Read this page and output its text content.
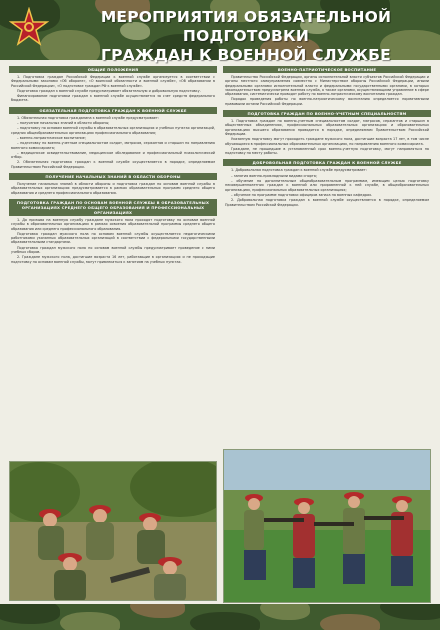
МЕРОПРИЯТИЯ ОБЯЗАТЕЛЬНОЙ ПОДГОТОВКИ
ГРАЖДАН К ВОЕННОЙ СЛУЖБЕ
ОБЩИЕ ПОЛОЖЕНИЯ

1. Подготовка граждан Российской Федерации к военной службе организуется в соответствии с Федеральными законами «Об обороне», «О воинской обязанности и военной службе», «Об образовании в Российской Федерации», «О подготовке граждан РФ к военной службе».

Подготовка граждан к военной службе предусматривает обязательную и добровольную подготовку.

Финансирование подготовки граждан к военной службе осуществляется за счет средств федерального бюджета.

ОБЯЗАТЕЛЬНАЯ ПОДГОТОВКА ГРАЖДАН К ВОЕННОЙ СЛУЖБЕ

1. Обязательная подготовка гражданина к военной службе предусматривает:

– получение начальных знаний в области обороны;

– подготовку по основам военной службы в образовательных организациях и учебных пунктах организаций, средних общеобразовательных организациях профессионального образования;

– военно-патриотическое воспитание;

– подготовку по военно-учетным специальностям солдат, матросов, сержантов и старшин по направлению военного комиссариата;

– медицинское освидетельствование, медицинское обследование и профессиональный психологический отбор.

2. Обязательная подготовка граждан к военной службе осуществляется в порядке, определяемом Правительством Российской Федерации.

ПОЛУЧЕНИЕ НАЧАЛЬНЫХ ЗНАНИЙ В ОБЛАСТИ ОБОРОНЫ

Получение начальных знаний в области обороны и подготовка граждан по основам военной службы в образовательных организациях предусматривается в рамках образовательных программ среднего общего образования и среднего профессионального образования.

ПОДГОТОВКА ГРАЖДАН ПО ОСНОВАМ ВОЕННОЙ СЛУЖБЫ В ОБРАЗОВАТЕЛЬНЫХ ОРГАНИЗАЦИЯХ СРЕДНЕГО ОБЩЕГО ОБРАЗОВАНИЯ И ПРОФЕССИОНАЛЬНЫХ ОРГАНИЗАЦИЯХ

1. До призыва на военную службу граждане мужского пола проходят подготовку по основам военной службы в образовательных организациях в рамках освоения образовательной программы среднего общего образования или среднего профессионального образования.

Подготовка граждан мужского пола по основам военной службы осуществляется педагогическими работниками указанных образовательных организаций в соответствии с федеральными государственными образовательными стандартами.

Подготовка граждан мужского пола по основам военной службы предусматривает проведение с ними учебных сборов.

2. Граждане мужского пола, достигшие возраста 16 лет, работающие в организациях и не проходящие подготовку по основам военной службы, могут привлекаться к занятиям на учебных пунктах.

ВОЕННО-ПАТРИОТИЧЕСКОЕ ВОСПИТАНИЕ

Правительство Российской Федерации, органы исполнительной власти субъектов Российской Федерации и органы местного самоуправления совместно с Министерством обороны Российской Федерации, иными федеральными органами исполнительной власти и федеральными государственными органами, в которых законодательством предусмотрена военная служба, а также органами, осуществляющими управление в сфере образования, систематически проводят работу по военно-патриотическому воспитанию граждан.

Порядок проведения работы по военно-патриотическому воспитанию определяется нормативными правовыми актами Российской Федерации.

ПОДГОТОВКА ГРАЖДАН ПО ВОЕННО-УЧЕТНЫМ СПЕЦИАЛЬНОСТЯМ

1. Подготовка граждан по военно-учетным специальностям солдат, матросов, сержантов и старшин в общественных объединениях, профессиональных образовательных организациях и образовательных организациях высшего образования проводится в порядке, определяемом Правительством Российской Федерации.

Указанную подготовку могут проходить граждане мужского пола, достигшие возраста 17 лет, в том числе обучающиеся в профессиональных образовательных организациях, по направлению военного комиссариата.

Граждане, не прошедшие в установленный срок военно-учетную подготовку, могут направляться на подготовку по месту работы.

ДОБРОВОЛЬНАЯ ПОДГОТОВКА ГРАЖДАН К ВОЕННОЙ СЛУЖБЕ

1. Добровольная подготовка граждан к военной службе предусматривает:

– занятия военно-прикладными видами спорта;

– обучение по дополнительным общеобразовательным программам, имеющим целью подготовку несовершеннолетних граждан к военной или приравненной к ней службе, в общеобразовательных организациях, профессиональных образовательных организациях;

– обучение по программе подготовки офицеров запаса на военных кафедрах.

2. Добровольная подготовка граждан к военной службе осуществляется в порядке, определяемом Правительством Российской Федерации.
